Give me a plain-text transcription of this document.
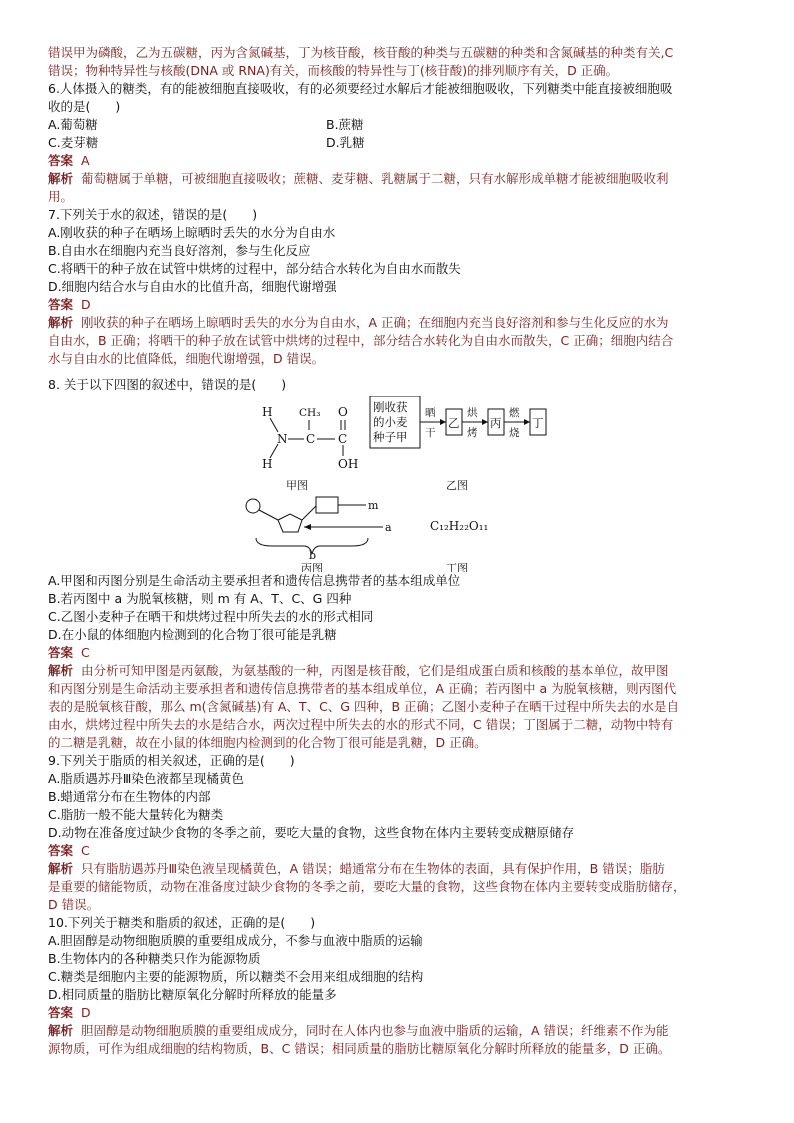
错误甲为磷酸，乙为五碳糖，丙为含氮碱基，丁为核苷酸，核苷酸的种类与五碳糖的种类和含氮碱基的种类有关,C

错误；物种特异性与核酸(DNA 或 RNA)有关，而核酸的特异性与丁(核苷酸)的排列顺序有关，D 正确。

6.人体摄入的糖类，有的能被细胞直接吸收，有的必须要经过水解后才能被细胞吸收，下列糖类中能直接被细胞吸

收的是(　　)

A.葡萄糖	B.蔗糖

C.麦芽糖	D.乳糖

答案 A

解析 葡萄糖属于单糖，可被细胞直接吸收；蔗糖、麦芽糖、乳糖属于二糖，只有水解形成单糖才能被细胞吸收利

用。

7.下列关于水的叙述，错误的是(　　)

A.刚收获的种子在晒场上晾晒时丢失的水分为自由水

B.自由水在细胞内充当良好溶剂，参与生化反应

C.将晒干的种子放在试管中烘烤的过程中，部分结合水转化为自由水而散失

D.细胞内结合水与自由水的比值升高，细胞代谢增强

答案 D

解析 刚收获的种子在晒场上晾晒时丢失的水分为自由水，A 正确；在细胞内充当良好溶剂和参与生化反应的水为

自由水，B 正确；将晒干的种子放在试管中烘烤的过程中，部分结合水转化为自由水而散失，C 正确；细胞内结合

水与自由水的比值降低，细胞代谢增强，D 错误。

8. 关于以下四图的叙述中，错误的是(　　)

H
H
N C
CH₃
C
O
OH
甲图
刚收获
的小麦
种子甲
晒
干
乙
烘
烤
丙
燃
烧
丁
乙图
m
a
b
丙图
C₁₂H₂₂O₁₁
丁图

A.甲图和丙图分别是生命活动主要承担者和遗传信息携带者的基本组成单位

B.若丙图中 a 为脱氧核糖，则 m 有 A、T、C、G 四种

C.乙图小麦种子在晒干和烘烤过程中所失去的水的形式相同

D.在小鼠的体细胞内检测到的化合物丁很可能是乳糖

答案 C

解析 由分析可知甲图是丙氨酸，为氨基酸的一种，丙图是核苷酸，它们是组成蛋白质和核酸的基本单位，故甲图

和丙图分别是生命活动主要承担者和遗传信息携带者的基本组成单位，A 正确；若丙图中 a 为脱氧核糖，则丙图代

表的是脱氧核苷酸，那么 m(含氮碱基)有 A、T、C、G 四种，B 正确；乙图小麦种子在晒干过程中所失去的水是自

由水，烘烤过程中所失去的水是结合水，两次过程中所失去的水的形式不同，C 错误；丁图属于二糖，动物中特有

的二糖是乳糖，故在小鼠的体细胞内检测到的化合物丁很可能是乳糖，D 正确。

9.下列关于脂质的相关叙述，正确的是(　　)

A.脂质遇苏丹Ⅲ染色液都呈现橘黄色

B.蜡通常分布在生物体的内部

C.脂肪一般不能大量转化为糖类

D.动物在准备度过缺少食物的冬季之前，要吃大量的食物，这些食物在体内主要转变成糖原储存

答案 C

解析 只有脂肪遇苏丹Ⅲ染色液呈现橘黄色，A 错误；蜡通常分布在生物体的表面，具有保护作用，B 错误；脂肪

是重要的储能物质，动物在准备度过缺少食物的冬季之前，要吃大量的食物，这些食物在体内主要转变成脂肪储存，

D 错误。

10.下列关于糖类和脂质的叙述，正确的是(　　)

A.胆固醇是动物细胞质膜的重要组成成分，不参与血液中脂质的运输

B.生物体内的各种糖类只作为能源物质

C.糖类是细胞内主要的能源物质，所以糖类不会用来组成细胞的结构

D.相同质量的脂肪比糖原氧化分解时所释放的能量多

答案 D

解析 胆固醇是动物细胞质膜的重要组成成分，同时在人体内也参与血液中脂质的运输，A 错误；纤维素不作为能

源物质，可作为组成细胞的结构物质，B、C 错误；相同质量的脂肪比糖原氧化分解时所释放的能量多，D 正确。
